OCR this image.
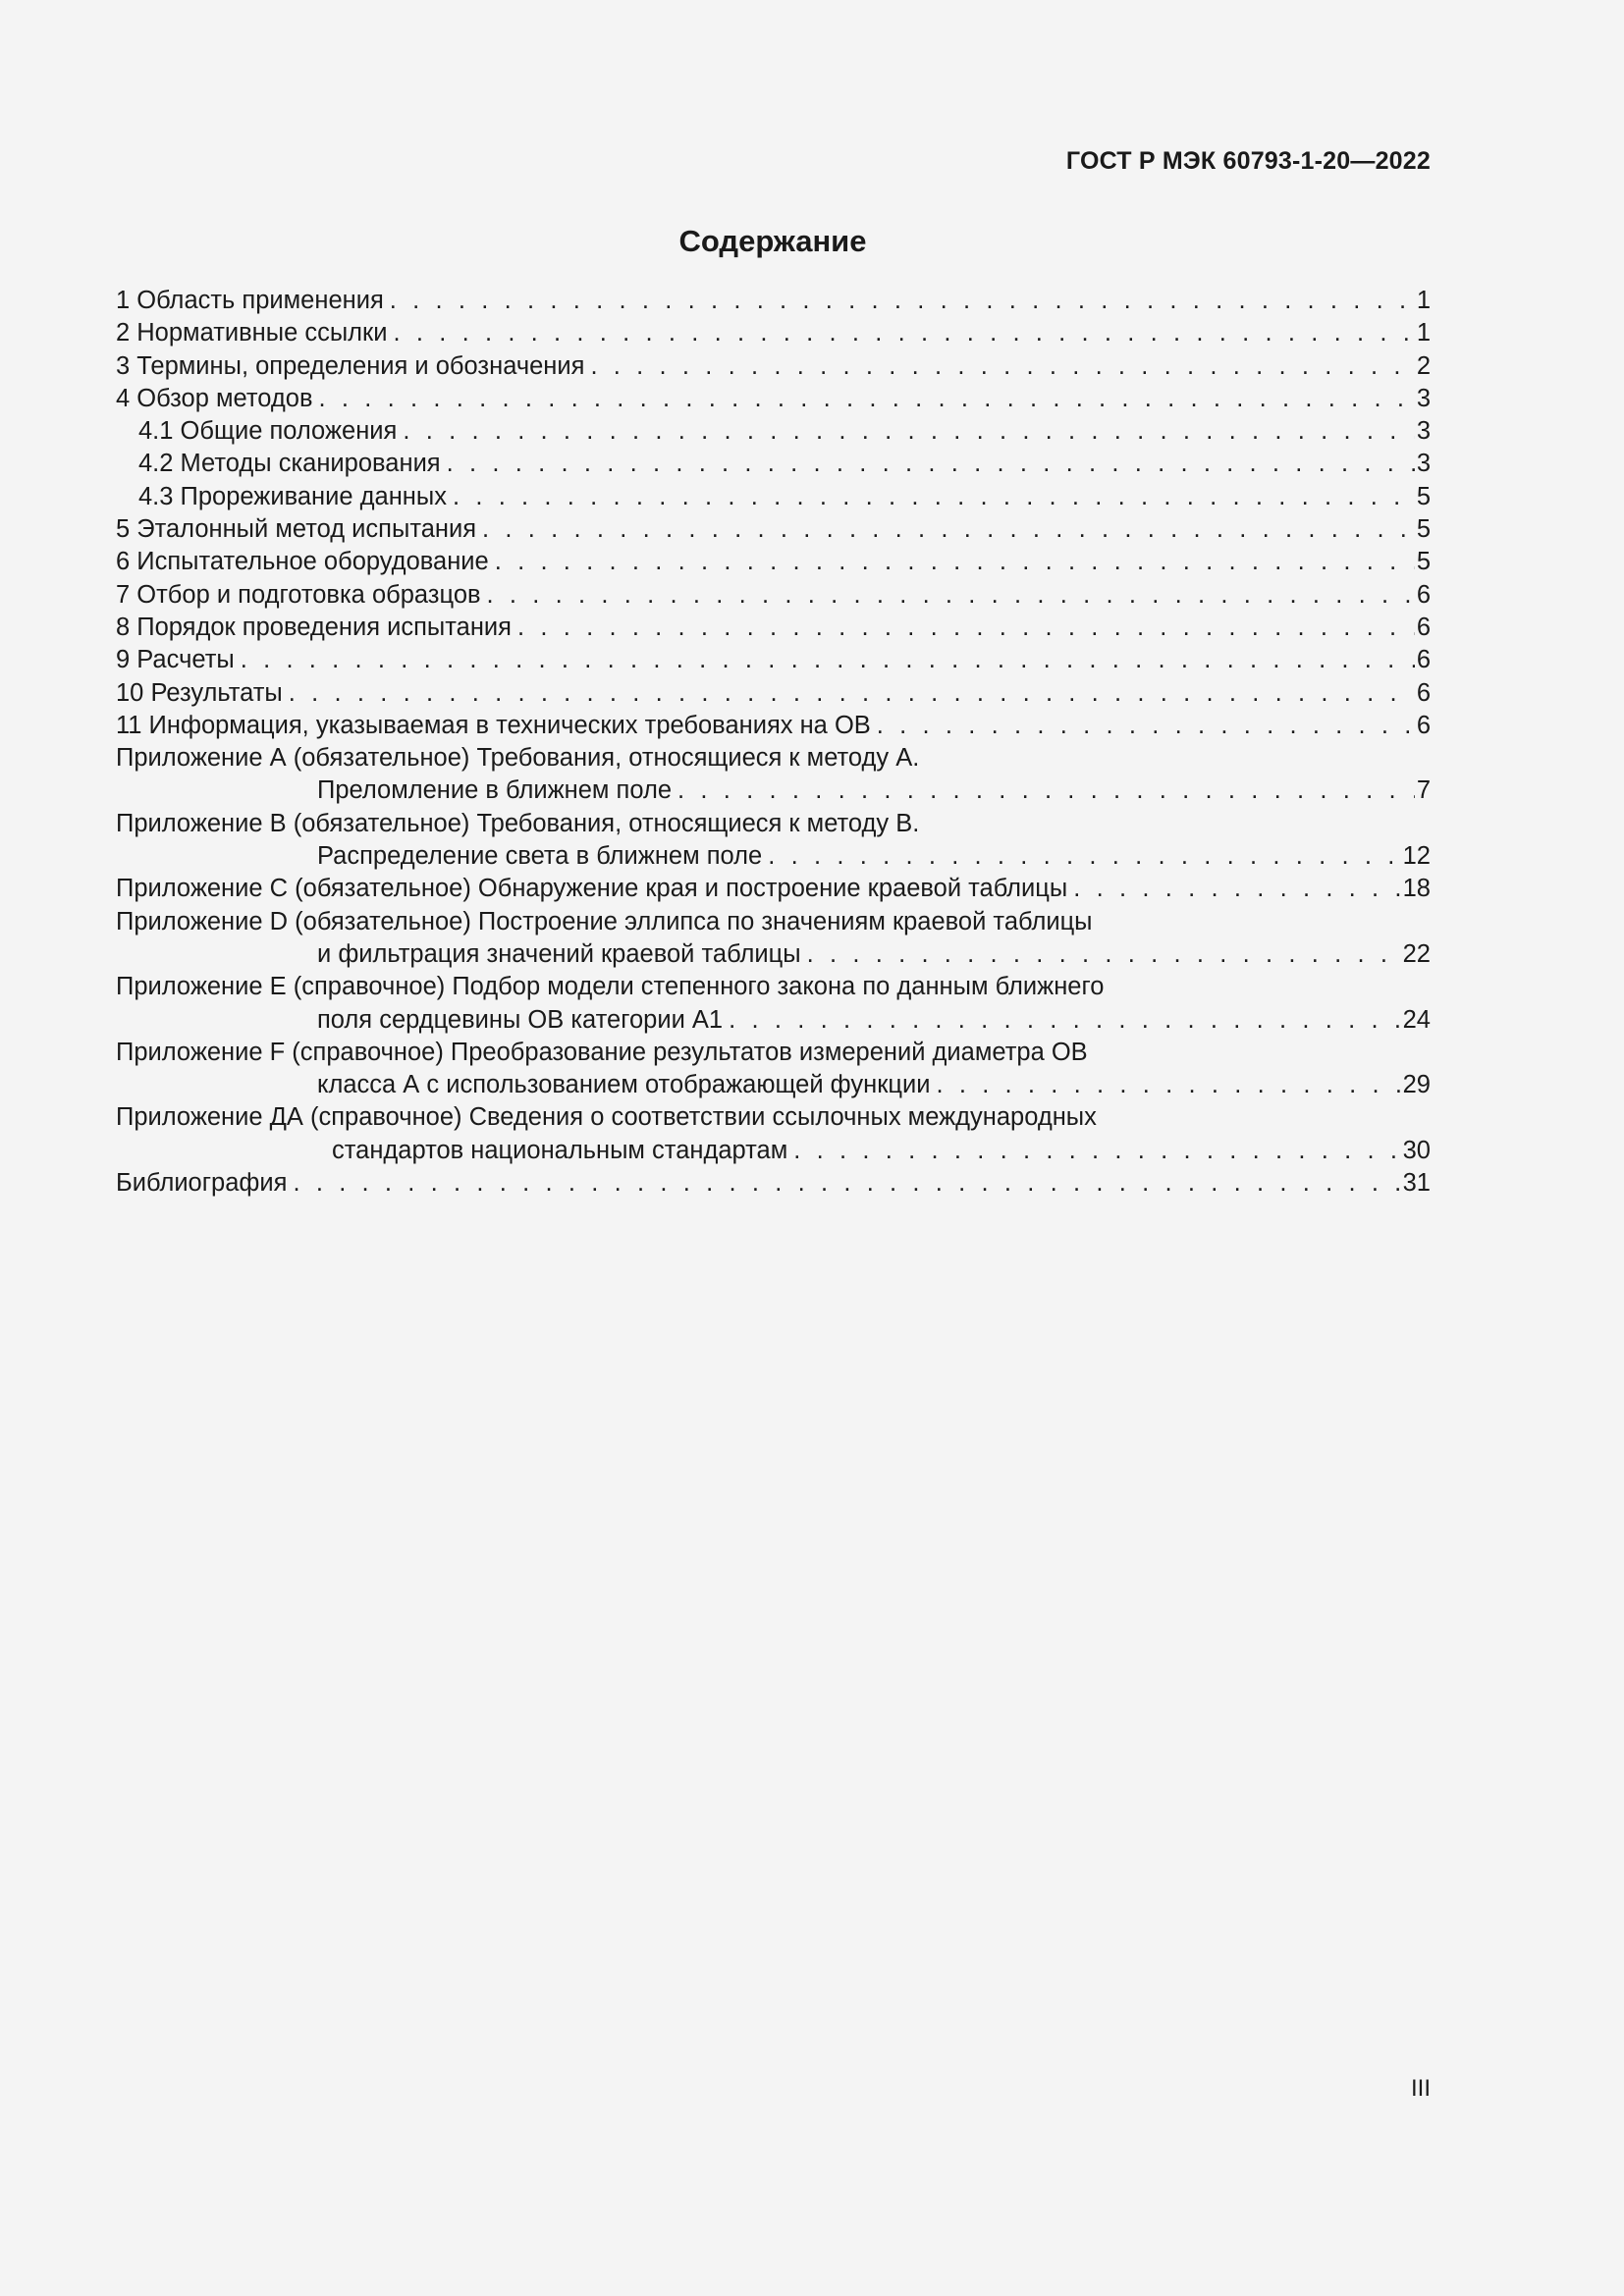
ГОСТ Р МЭК 60793-1-20—2022
Содержание
1 Область применения . . .	1
2 Нормативные ссылки . . .	1
3 Термины, определения и обозначения . . .	2
4 Обзор методов . . .	3
4.1 Общие положения . . .	3
4.2 Методы сканирования . . .	3
4.3 Прореживание данных . . .	5
5 Эталонный метод испытания . . .	5
6 Испытательное оборудование . . .	5
7 Отбор и подготовка образцов . . .	6
8 Порядок проведения испытания . . .	6
9 Расчеты . . .	6
10 Результаты . . .	6
11 Информация, указываемая в технических требованиях на ОВ . . .	6
Приложение А (обязательное) Требования, относящиеся к методу А.
Преломление в ближнем поле . . .	7
Приложение В (обязательное) Требования, относящиеся к методу В.
Распределение света в ближнем поле . . .	12
Приложение С (обязательное) Обнаружение края и построение краевой таблицы . . .	18
Приложение D (обязательное) Построение эллипса по значениям краевой таблицы
и фильтрация значений краевой таблицы . . .	22
Приложение Е (справочное) Подбор модели степенного закона по данным ближнего
поля сердцевины ОВ категории А1 . . .	24
Приложение F (справочное) Преобразование результатов измерений диаметра ОВ
класса А с использованием отображающей функции . . .	29
Приложение ДА (справочное) Сведения о соответствии ссылочных международных
стандартов национальным стандартам . . .	30
Библиография . . .	31
III
